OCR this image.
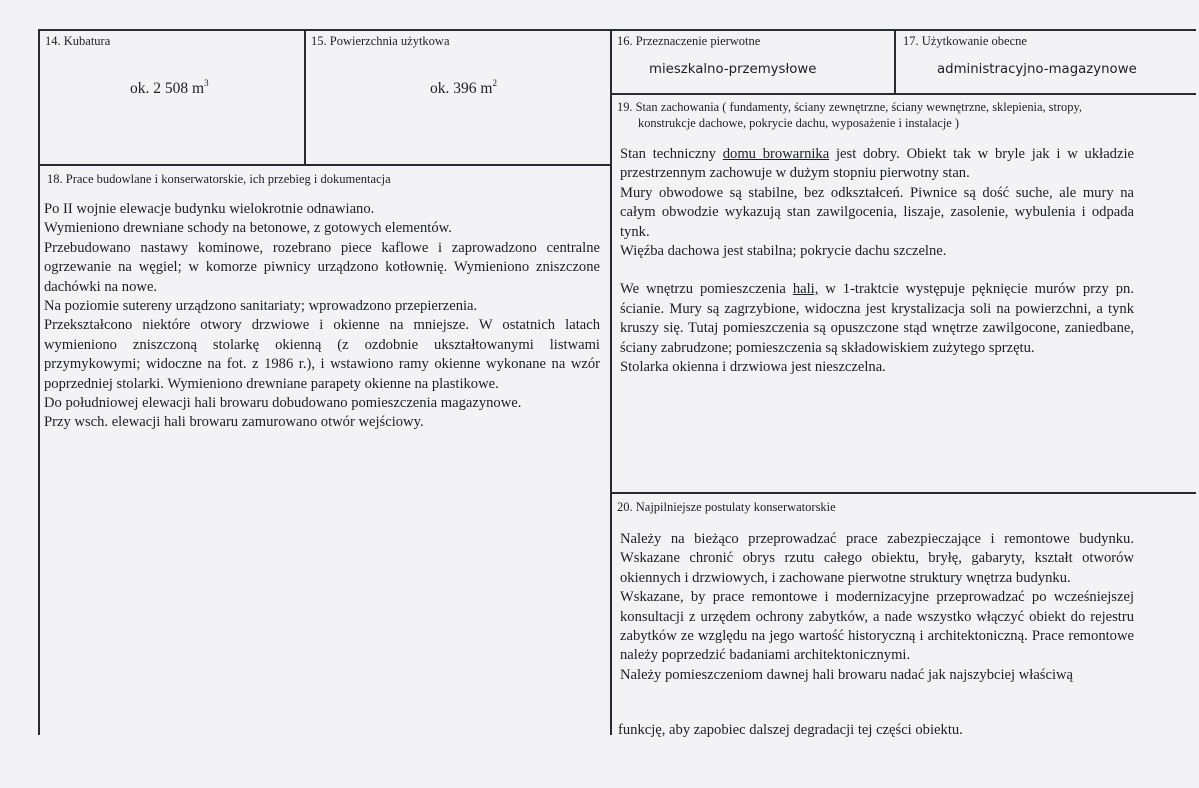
14. Kubatura
ok. 2 508 $m^3$
15. Powierzchnia użytkowa
ok. 396 $m^2$
16. Przeznaczenie pierwotne
mieszkalno-przemysłowe
17. Użytkowanie obecne
administracyjno-magazynowe
19. Stan zachowania ( fundamenty, ściany zewnętrzne, ściany wewnętrzne, sklepienia, stropy,
konstrukcje dachowe, pokrycie dachu, wyposażenie i instalacje )

Stan techniczny domu browarnika jest dobry. Obiekt tak w bryle jak i w układzie przestrzennym zachowuje w dużym stopniu pierwotny stan.

Mury obwodowe są stabilne, bez odkształceń. Piwnice są dość suche, ale mury na całym obwodzie wykazują stan zawilgocenia, liszaje, zasolenie, wybulenia i odpada tynk.

Więźba dachowa jest stabilna; pokrycie dachu szczelne.

We wnętrzu pomieszczenia hali, w 1-traktcie występuje pęknięcie murów przy pn. ścianie. Mury są zagrzybione, widoczna jest krystalizacja soli na powierzchni, a tynk kruszy się. Tutaj pomieszczenia są opuszczone stąd wnętrze zawilgocone, zaniedbane, ściany zabrudzone; pomieszczenia są składowiskiem zużytego sprzętu.

Stolarka okienna i drzwiowa jest nieszczelna.

18. Prace budowlane i konserwatorskie, ich przebieg i dokumentacja

Po II wojnie elewacje budynku wielokrotnie odnawiano.

Wymieniono drewniane schody na betonowe, z gotowych elementów.

Przebudowano nastawy kominowe, rozebrano piece kaflowe i zaprowadzono centralne ogrzewanie na węgiel; w komorze piwnicy urządzono kotłownię. Wymieniono zniszczone dachówki na nowe.

Na poziomie sutereny urządzono sanitariaty; wprowadzono przepierzenia.

Przekształcono niektóre otwory drzwiowe i okienne na mniejsze. W ostatnich latach wymieniono zniszczoną stolarkę okienną (z ozdobnie ukształtowanymi listwami przymykowymi; widoczne na fot. z 1986 r.), i wstawiono ramy okienne wykonane na wzór poprzedniej stolarki. Wymieniono drewniane parapety okienne na plastikowe.

Do południowej elewacji hali browaru dobudowano pomieszczenia magazynowe.

Przy wsch. elewacji hali browaru zamurowano otwór wejściowy.

20. Najpilniejsze postulaty konserwatorskie

Należy na bieżąco przeprowadzać prace zabezpieczające i remontowe budynku. Wskazane chronić obrys rzutu całego obiektu, bryłę, gabaryty, kształt otworów okiennych i drzwiowych, i zachowane pierwotne struktury wnętrza budynku.

Wskazane, by prace remontowe i modernizacyjne przeprowadzać po wcześniejszej konsultacji z urzędem ochrony zabytków, a nade wszystko włączyć obiekt do rejestru zabytków ze względu na jego wartość historyczną i architektoniczną. Prace remontowe należy poprzedzić badaniami architektonicznymi.

Należy pomieszczeniom dawnej hali browaru nadać jak najszybciej właściwą

funkcję, aby zapobiec dalszej degradacji tej części obiektu.
